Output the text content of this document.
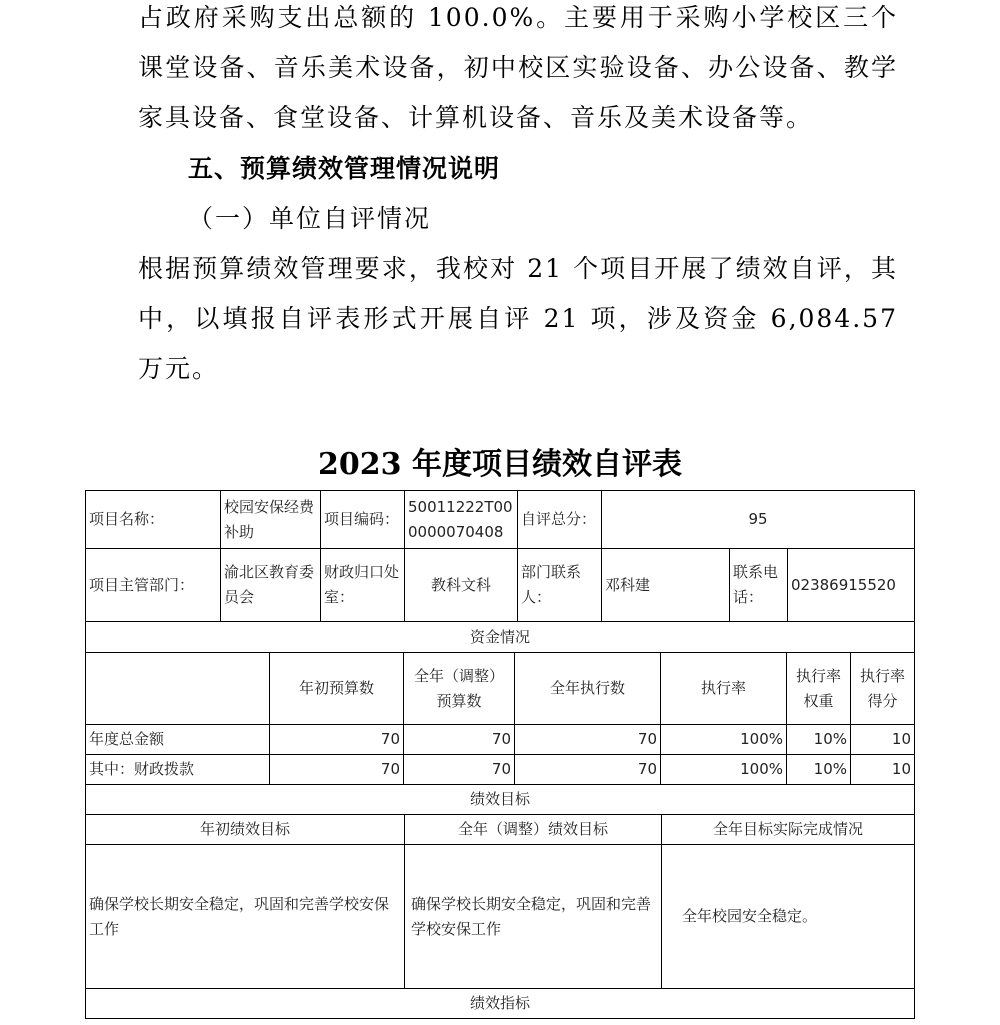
占政府采购支出总额的 100.0%。主要用于采购小学校区三个课堂设备、音乐美术设备，初中校区实验设备、办公设备、教学家具设备、食堂设备、计算机设备、音乐及美术设备等。

五、预算绩效管理情况说明

（一）单位自评情况

根据预算绩效管理要求，我校对 21 个项目开展了绩效自评，其中，以填报自评表形式开展自评 21 项，涉及资金 6,084.57 万元。

2023 年度项目绩效自评表
项目名称：	校园安保经费补助	项目编码：	50011222T000000070408	自评总分：	95		
项目主管部门：	渝北区教育委员会	财政归口处室：	教科文科	部门联系人：	邓科建	联系电话：	02386915520
资金情况							
	年初预算数	全年（调整）预算数	全年执行数	执行率	执行率权重	执行率得分
年度总金额	70	70	70	100%	10%	10
其中：财政拨款	70	70	70	100%	10%	10
绩效目标		
年初绩效目标	全年（调整）绩效目标	全年目标实际完成情况
确保学校长期安全稳定，巩固和完善学校安保工作	确保学校长期安全稳定，巩固和完善学校安保工作	全年校园安全稳定。
绩效指标		
